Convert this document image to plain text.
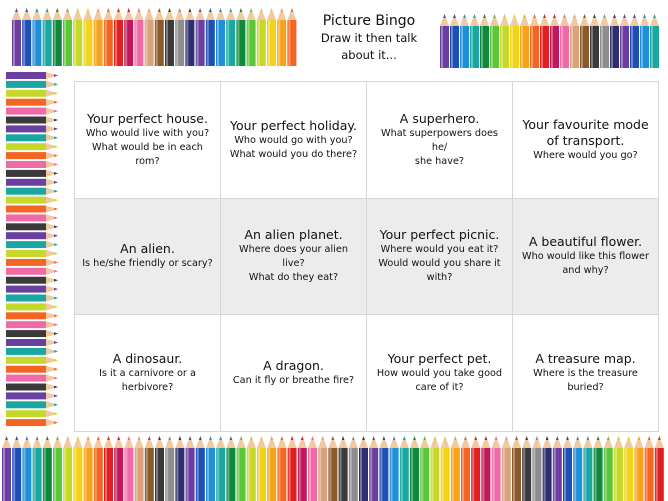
Picture Bingo
Draw it then talk
about it...
Your perfect house.
Who would live with you?
What would be in each rom?
Your perfect holiday.
Who would go with you?
What would you do there?
A superhero.
What superpowers does he/
she have?
Your favourite mode of transport.
Where would you go?
An alien.
Is he/she friendly or scary?
An alien planet.
Where does your alien live?
What do they eat?
Your perfect picnic.
Where would you eat it?
Would would you share it
with?
A beautiful flower.
Who would like this flower
and why?
A dinosaur.
Is it a carnivore or a
herbivore?
A dragon.
Can it fly or breathe fire?
Your perfect pet.
How would you take good
care of it?
A treasure map.
Where is the treasure
buried?
